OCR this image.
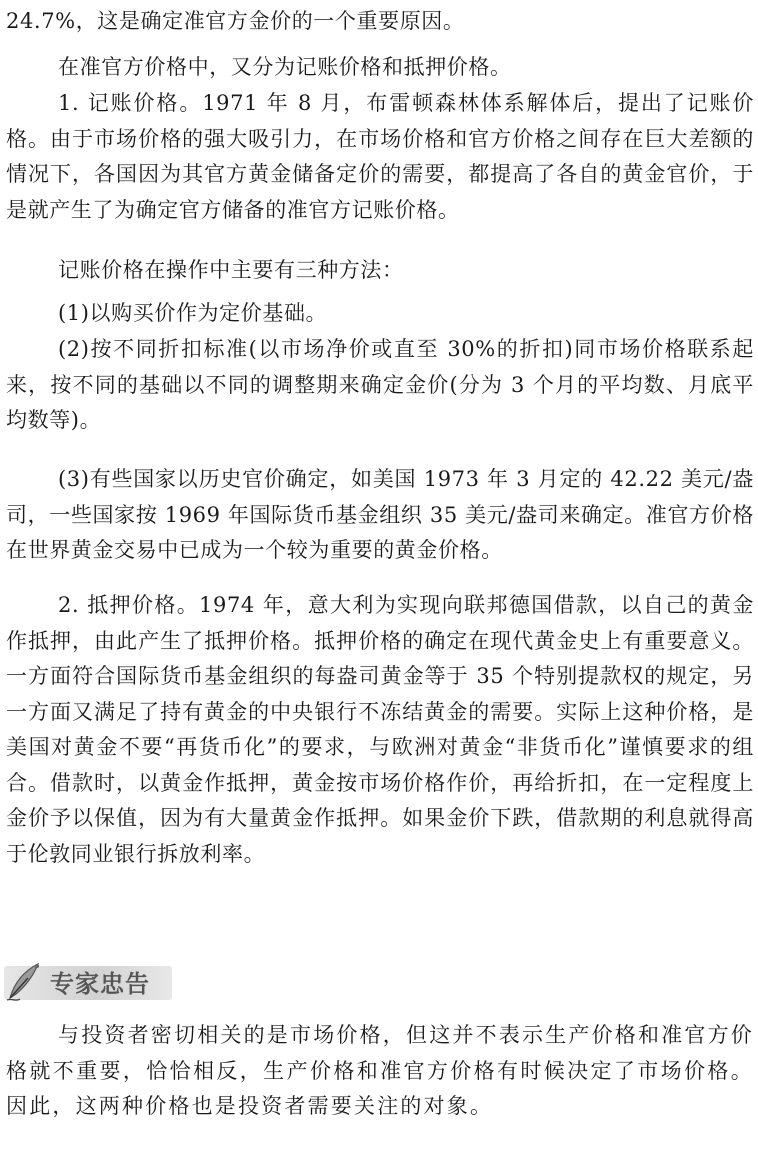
24.7%，这是确定准官方金价的一个重要原因。

在准官方价格中，又分为记账价格和抵押价格。

1. 记账价格。1971 年 8 月，布雷顿森林体系解体后，提出了记账价格。由于市场价格的强大吸引力，在市场价格和官方价格之间存在巨大差额的情况下，各国因为其官方黄金储备定价的需要，都提高了各自的黄金官价，于是就产生了为确定官方储备的准官方记账价格。

记账价格在操作中主要有三种方法：

(1)以购买价作为定价基础。

(2)按不同折扣标准(以市场净价或直至 30%的折扣)同市场价格联系起来，按不同的基础以不同的调整期来确定金价(分为 3 个月的平均数、月底平均数等)。

(3)有些国家以历史官价确定，如美国 1973 年 3 月定的 42.22 美元/盎司，一些国家按 1969 年国际货币基金组织 35 美元/盎司来确定。准官方价格在世界黄金交易中已成为一个较为重要的黄金价格。

2. 抵押价格。1974 年，意大利为实现向联邦德国借款，以自己的黄金作抵押，由此产生了抵押价格。抵押价格的确定在现代黄金史上有重要意义。一方面符合国际货币基金组织的每盎司黄金等于 35 个特别提款权的规定，另一方面又满足了持有黄金的中央银行不冻结黄金的需要。实际上这种价格，是美国对黄金不要“再货币化”的要求，与欧洲对黄金“非货币化”谨慎要求的组合。借款时，以黄金作抵押，黄金按市场价格作价，再给折扣，在一定程度上金价予以保值，因为有大量黄金作抵押。如果金价下跌，借款期的利息就得高于伦敦同业银行拆放利率。

专家忠告

与投资者密切相关的是市场价格，但这并不表示生产价格和准官方价格就不重要，恰恰相反，生产价格和准官方价格有时候决定了市场价格。因此，这两种价格也是投资者需要关注的对象。
